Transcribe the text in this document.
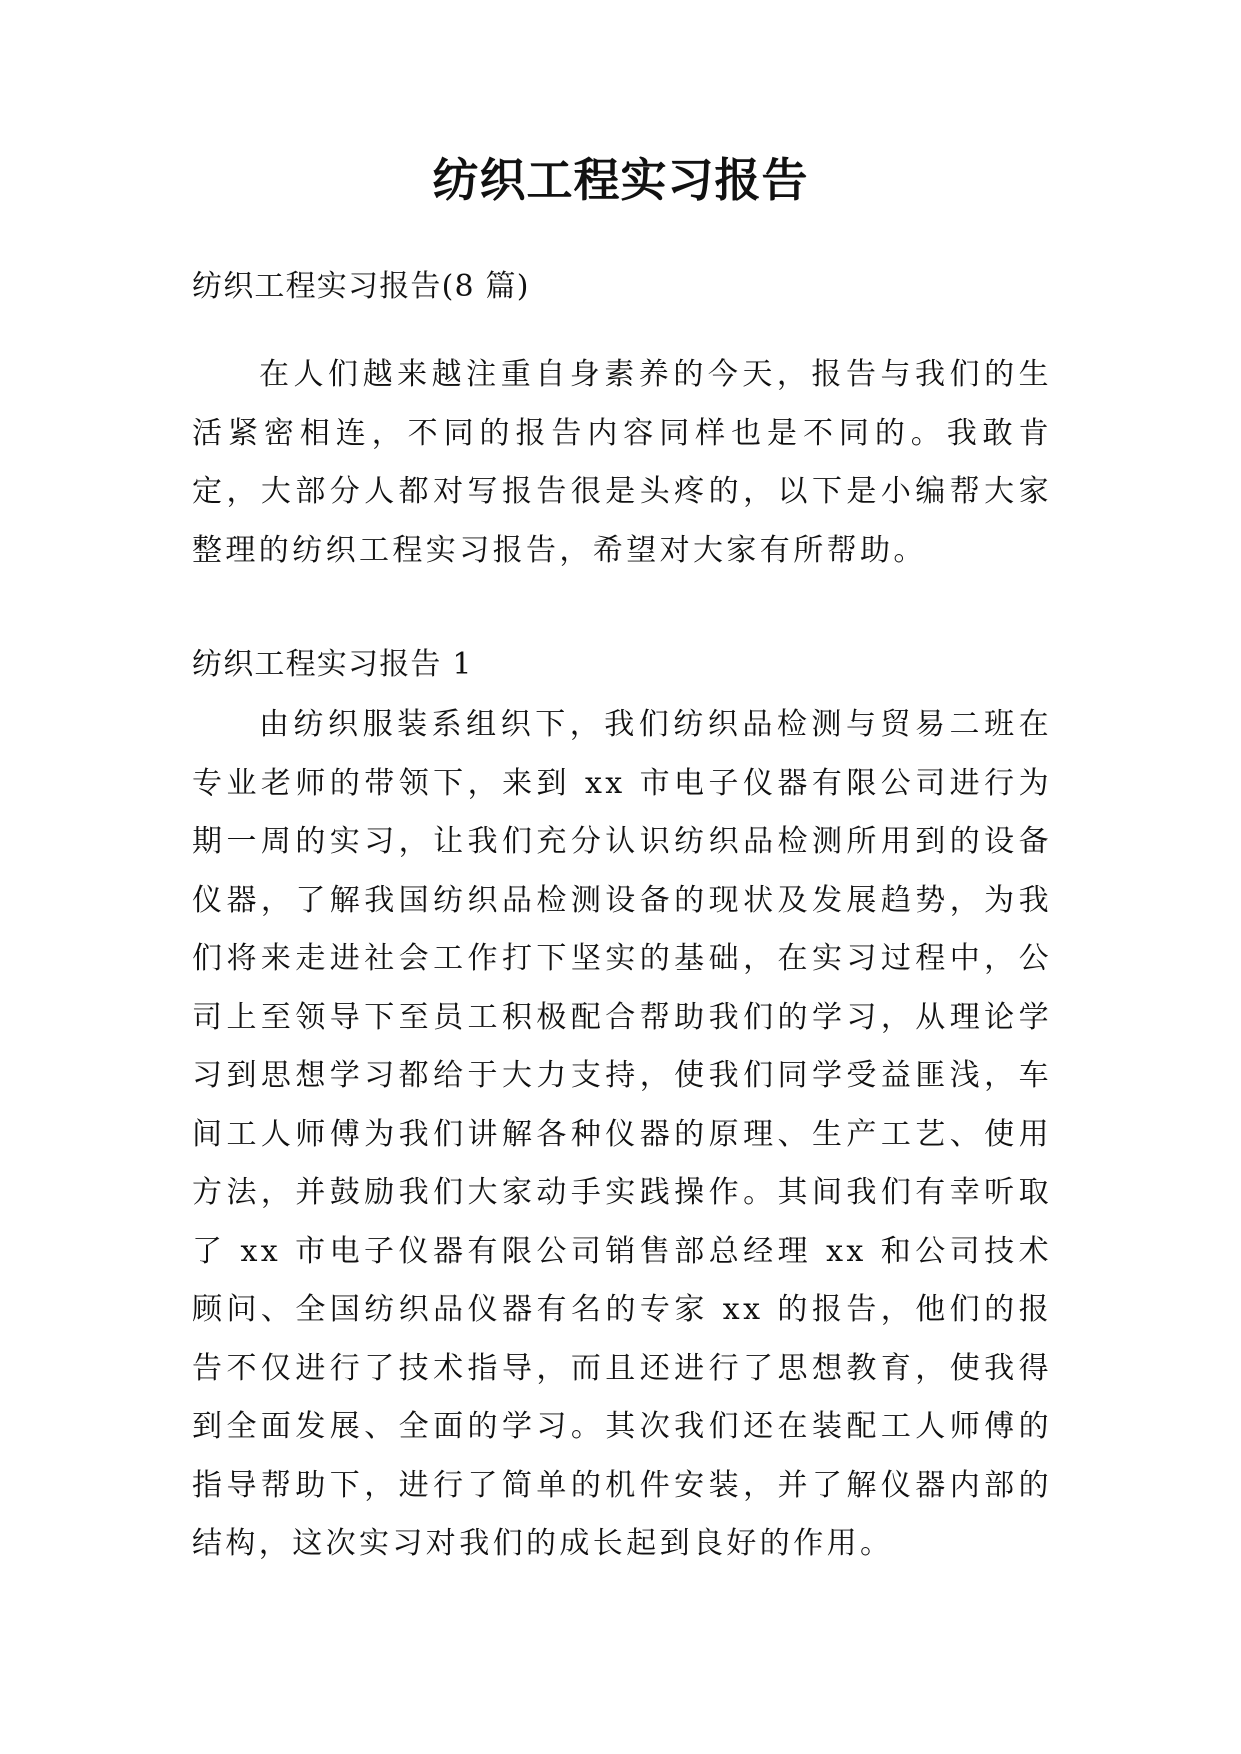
纺织工程实习报告

纺织工程实习报告(8 篇)

在人们越来越注重自身素养的今天，报告与我们的生活紧密相连，不同的报告内容同样也是不同的。我敢肯定，大部分人都对写报告很是头疼的，以下是小编帮大家整理的纺织工程实习报告，希望对大家有所帮助。

纺织工程实习报告 1

由纺织服装系组织下，我们纺织品检测与贸易二班在专业老师的带领下，来到 xx 市电子仪器有限公司进行为期一周的实习，让我们充分认识纺织品检测所用到的设备仪器，了解我国纺织品检测设备的现状及发展趋势，为我们将来走进社会工作打下坚实的基础，在实习过程中，公司上至领导下至员工积极配合帮助我们的学习，从理论学习到思想学习都给于大力支持，使我们同学受益匪浅，车间工人师傅为我们讲解各种仪器的原理、生产工艺、使用方法，并鼓励我们大家动手实践操作。其间我们有幸听取了 xx 市电子仪器有限公司销售部总经理 xx 和公司技术顾问、全国纺织品仪器有名的专家 xx 的报告，他们的报告不仅进行了技术指导，而且还进行了思想教育，使我得到全面发展、全面的学习。其次我们还在装配工人师傅的指导帮助下，进行了简单的机件安装，并了解仪器内部的结构，这次实习对我们的成长起到良好的作用。
